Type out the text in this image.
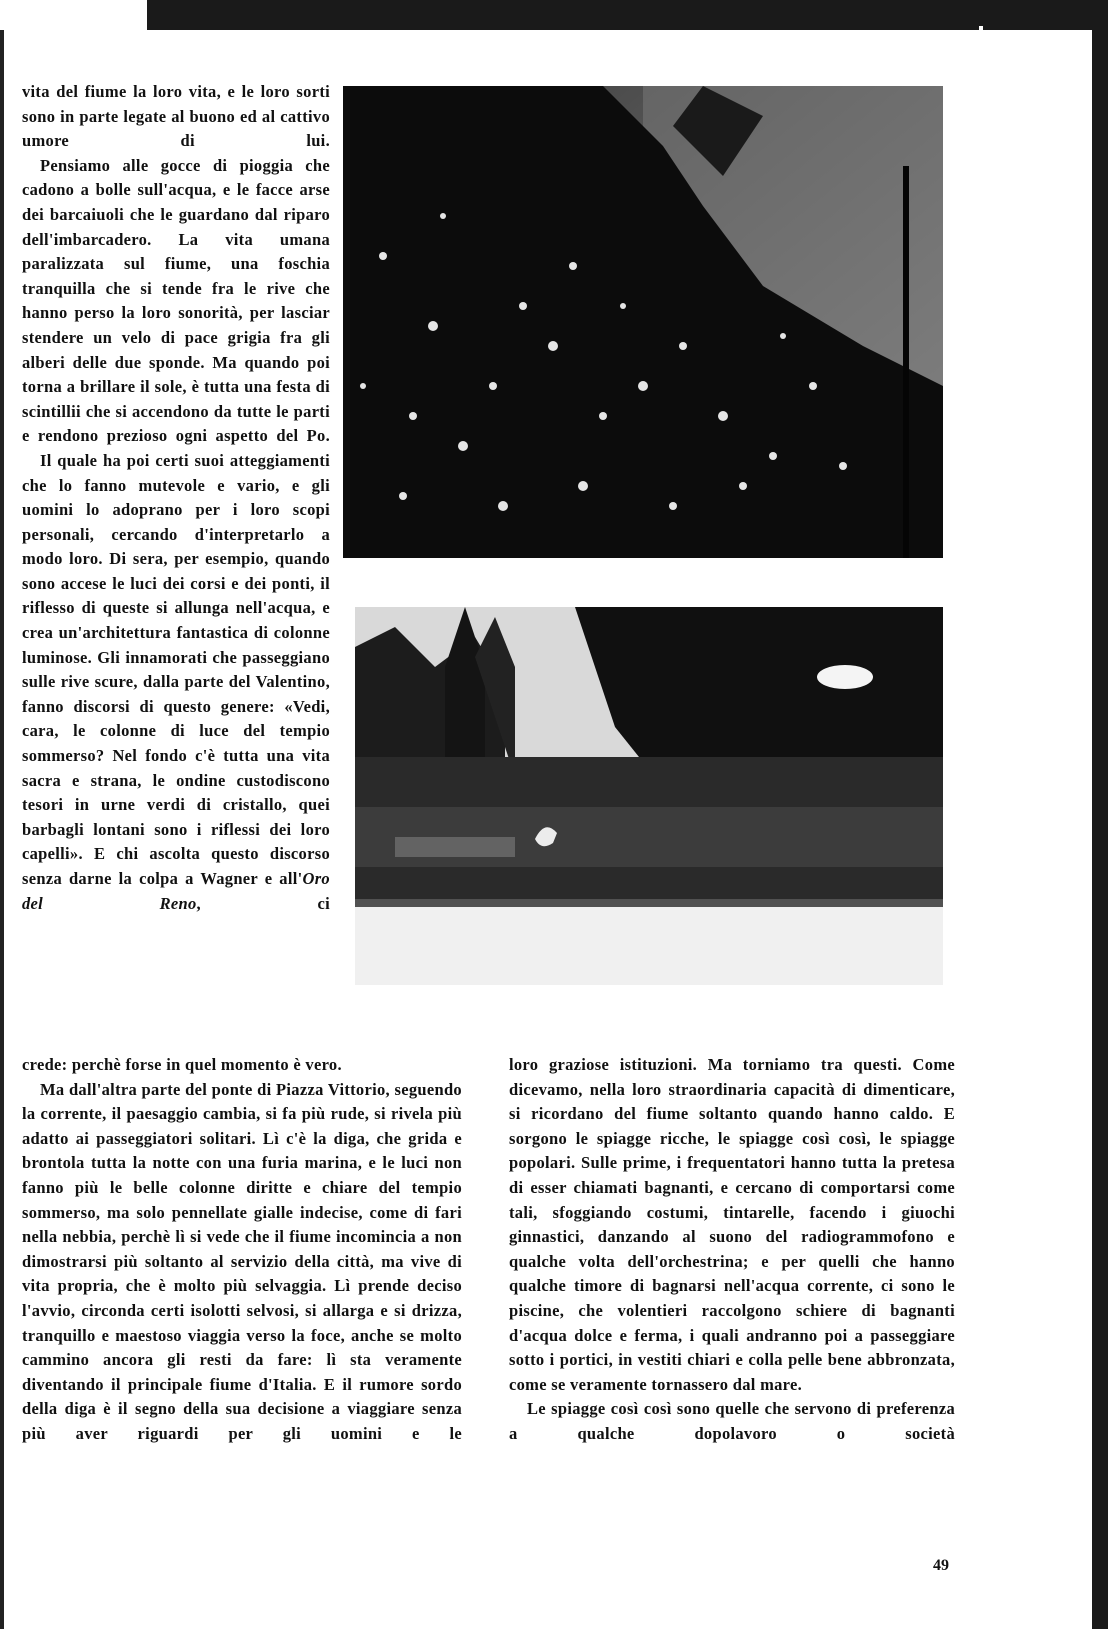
vita del fiume la loro vita, e le loro sorti sono in parte legate al buono ed al cattivo umore di lui.

Pensiamo alle gocce di pioggia che cadono a bolle sull'acqua, e le facce arse dei barcaiuoli che le guardano dal riparo dell'imbarcadero. La vita umana paralizzata sul fiume, una foschia tranquilla che si tende fra le rive che hanno perso la loro sonorità, per lasciar stendere un velo di pace grigia fra gli alberi delle due sponde. Ma quando poi torna a brillare il sole, è tutta una festa di scintillii che si accendono da tutte le parti e rendono prezioso ogni aspetto del Po.

Il quale ha poi certi suoi atteggiamenti che lo fanno mutevole e vario, e gli uomini lo adoprano per i loro scopi personali, cercando d'interpretarlo a modo loro. Di sera, per esempio, quando sono accese le luci dei corsi e dei ponti, il riflesso di queste si allunga nell'acqua, e crea un'architettura fantastica di colonne luminose. Gli innamorati che passeggiano sulle rive scure, dalla parte del Valentino, fanno discorsi di questo genere: «Vedi, cara, le colonne di luce del tempio sommerso? Nel fondo c'è tutta una vita sacra e strana, le ondine custodiscono tesori in urne verdi di cristallo, quei barbagli lontani sono i riflessi dei loro capelli». E chi ascolta questo discorso senza darne la colpa a Wagner e all'Oro del Reno, ci

crede: perchè forse in quel momento è vero.

Ma dall'altra parte del ponte di Piazza Vittorio, seguendo la corrente, il paesaggio cambia, si fa più rude, si rivela più adatto ai passeggiatori solitari. Lì c'è la diga, che grida e brontola tutta la notte con una furia marina, e le luci non fanno più le belle colonne diritte e chiare del tempio sommerso, ma solo pennellate gialle indecise, come di fari nella nebbia, perchè lì si vede che il fiume incomincia a non dimostrarsi più soltanto al servizio della città, ma vive di vita propria, che è molto più selvaggia. Lì prende deciso l'avvio, circonda certi isolotti selvosi, si allarga e si drizza, tranquillo e maestoso viaggia verso la foce, anche se molto cammino ancora gli resti da fare: lì sta veramente diventando il principale fiume d'Italia. E il rumore sordo della diga è il segno della sua decisione a viaggiare senza più aver riguardi per gli uomini e le

loro graziose istituzioni. Ma torniamo tra questi. Come dicevamo, nella loro straordinaria capacità di dimenticare, si ricordano del fiume soltanto quando hanno caldo. E sorgono le spiagge ricche, le spiagge così così, le spiagge popolari. Sulle prime, i frequentatori hanno tutta la pretesa di esser chiamati bagnanti, e cercano di comportarsi come tali, sfoggiando costumi, tintarelle, facendo i giuochi ginnastici, danzando al suono del radiogrammofono e qualche volta dell'orchestrina; e per quelli che hanno qualche timore di bagnarsi nell'acqua corrente, ci sono le piscine, che volentieri raccolgono schiere di bagnanti d'acqua dolce e ferma, i quali andranno poi a passeggiare sotto i portici, in vestiti chiari e colla pelle bene abbronzata, come se veramente tornassero dal mare.

Le spiagge così così sono quelle che servono di preferenza a qualche dopolavoro o società

49
